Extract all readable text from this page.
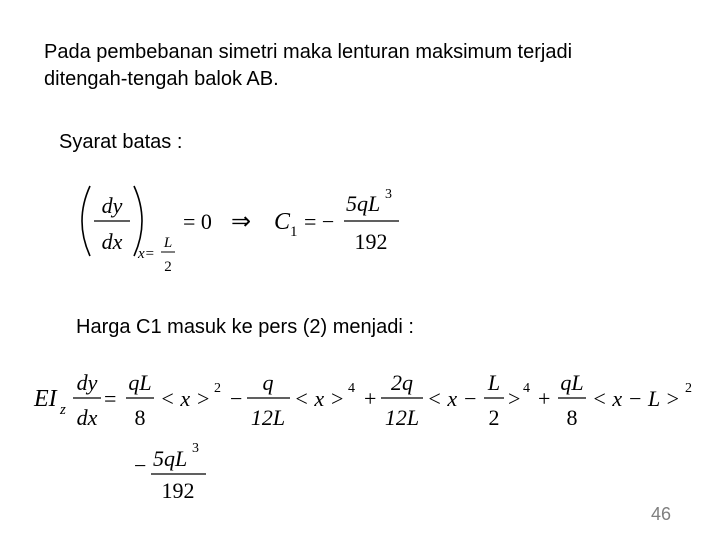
Pada pembebanan simetri maka lenturan maksimum terjadi
ditengah-tengah balok AB.
Syarat batas :
dy
dx x=
L
2
= 0 ⇒ C 1 = −
5qL 3
192
Harga C1 masuk ke pers (2) menjadi :
EI z
dy
dx
=
qL
8
< x > 2 −
q
12L
< x > 4 +
2q
12L
< x −
L
2
> 4 +
qL
8
< x − L > 2
− 5qL 3
192
46
